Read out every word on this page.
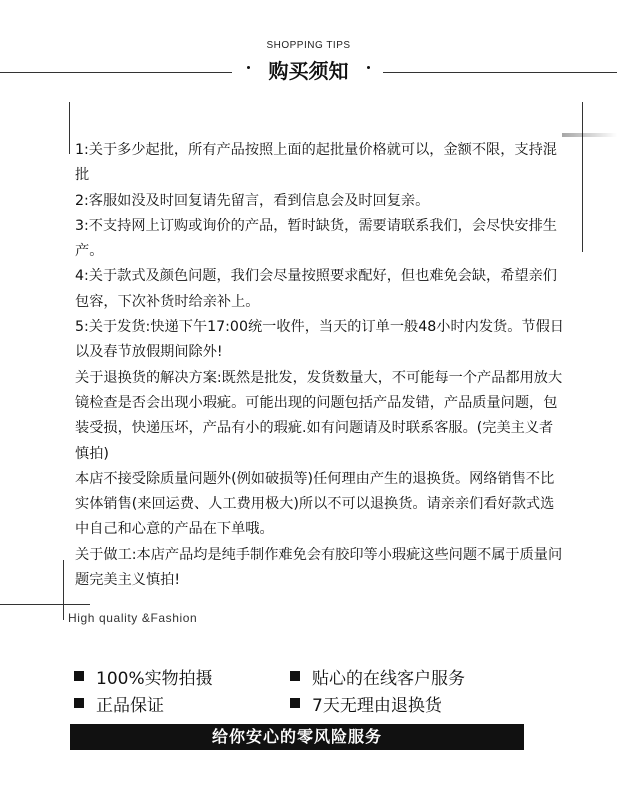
SHOPPING TIPS
购买须知

1:关于多少起批，所有产品按照上面的起批量价格就可以，金额不限，支持混批

2:客服如没及时回复请先留言，看到信息会及时回复亲。

3:不支持网上订购或询价的产品，暂时缺货，需要请联系我们，会尽快安排生产。

4:关于款式及颜色问题，我们会尽量按照要求配好，但也难免会缺，希望亲们包容，下次补货时给亲补上。

5:关于发货:快递下午17:00统一收件，当天的订单一般48小时内发货。节假日以及春节放假期间除外!

关于退换货的解决方案:既然是批发，发货数量大，不可能每一个产品都用放大镜检查是否会出现小瑕疵。可能出现的问题包括产品发错，产品质量问题，包装受损，快递压坏，产品有小的瑕疵.如有问题请及时联系客服。(完美主义者慎拍)

本店不接受除质量问题外(例如破损等)任何理由产生的退换货。网络销售不比实体销售(来回运费、人工费用极大)所以不可以退换货。请亲亲们看好款式选中自己和心意的产品在下单哦。

关于做工:本店产品均是纯手制作难免会有胶印等小瑕疵这些问题不属于质量问题完美主义慎拍!

High quality &Fashion
100%实物拍摄	贴心的在线客户服务
正品保证	7天无理由退换货
给你安心的零风险服务
